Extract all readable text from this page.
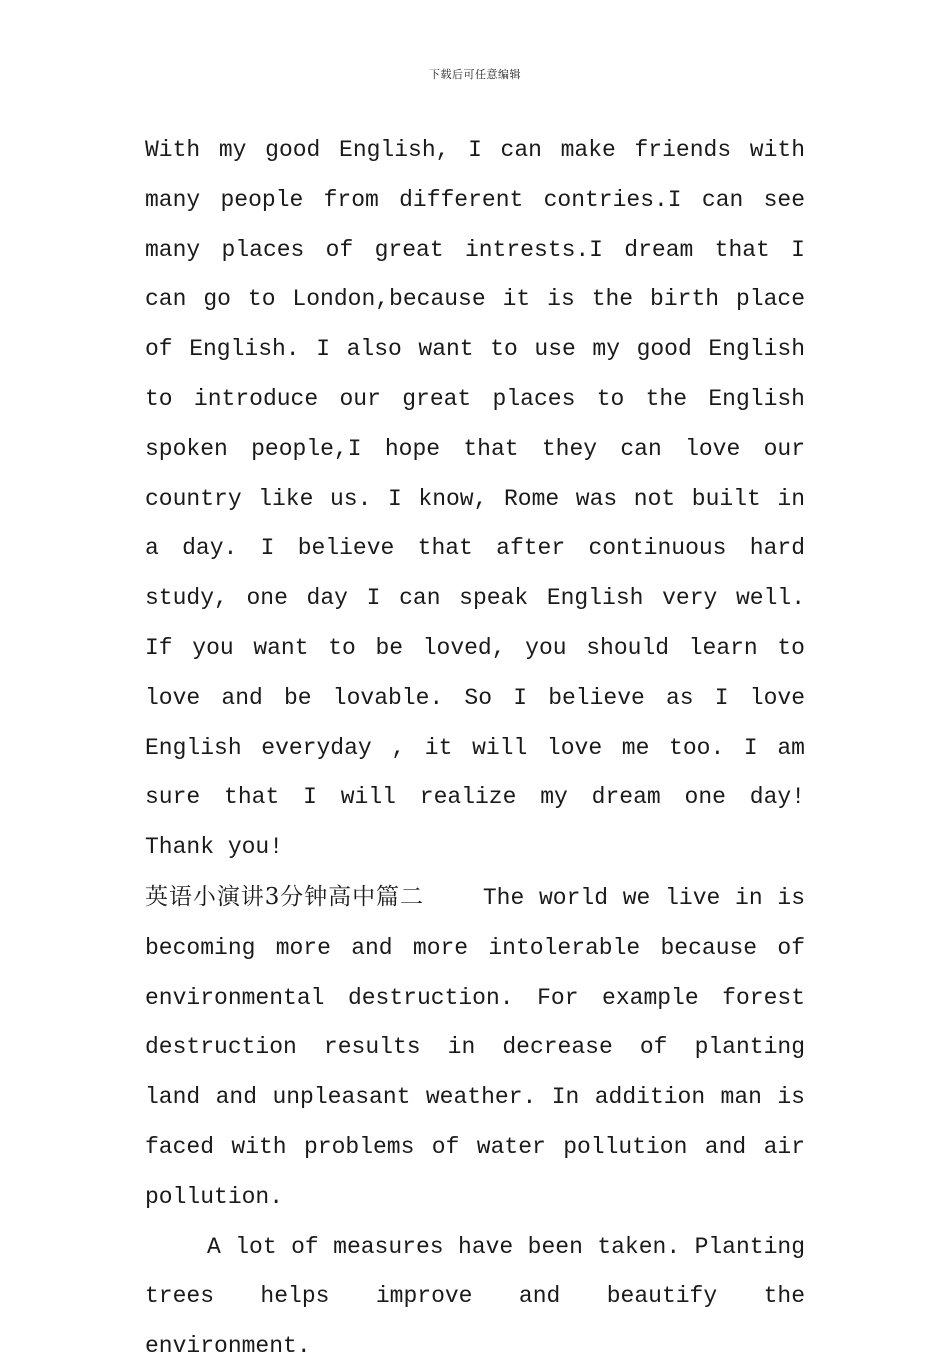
下载后可任意编辑

With my good English, I can make friends with many people from different contries.I can see many places of great intrests.I dream that I can go to London,because it is the birth place of English. I also want to use my good English to introduce our great places to the English spoken people,I hope that they can love our country like us. I know, Rome was not built in a day. I believe that after continuous hard study, one day I can speak English very well. If you want to be loved, you should learn to love and be lovable. So I believe as I love English everyday , it will love me too. I am sure that I will realize my dream one day! Thank you!

英语小演讲3分钟高中篇二	The world we live in is becoming more and more intolerable because of environmental destruction. For example forest destruction results in decrease of planting land and unpleasant weather. In addition man is faced with problems of water pollution and air pollution.

A lot of measures have been taken. Planting trees helps improve and beautify the environment.
